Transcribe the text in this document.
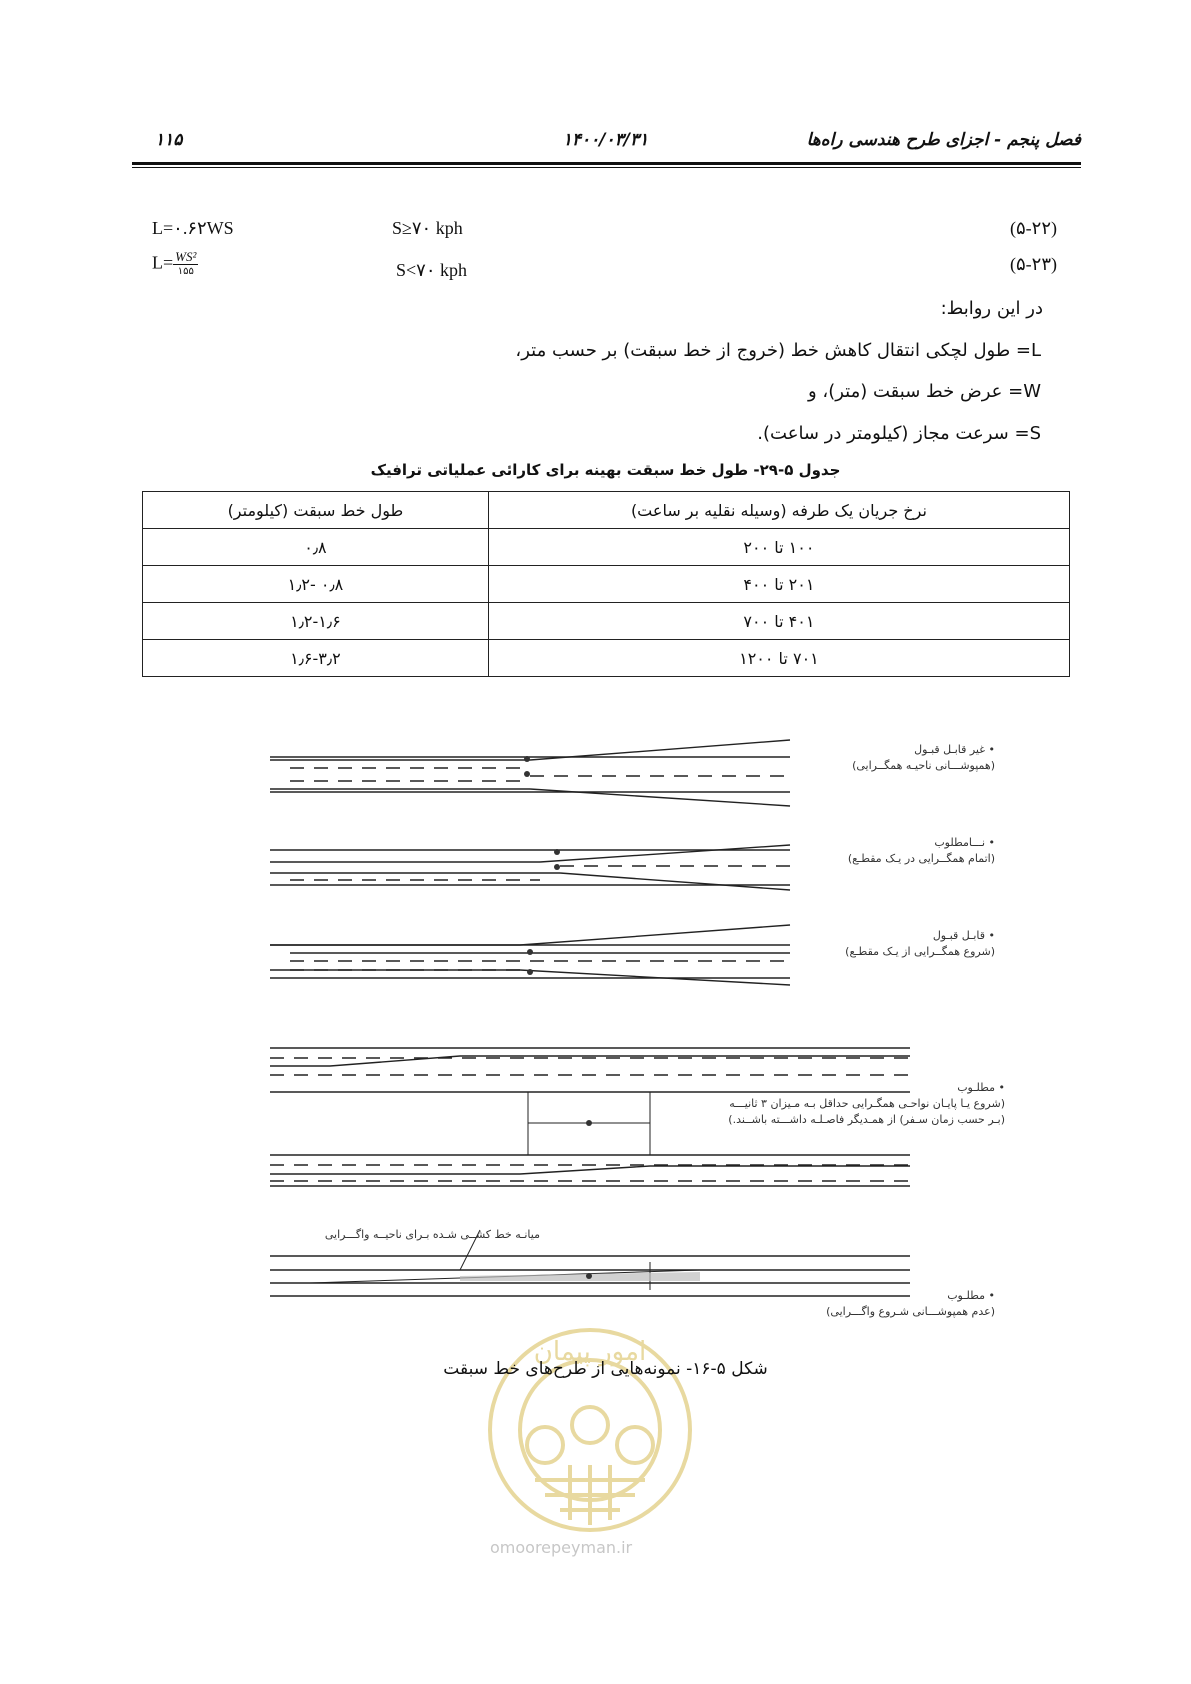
۱۱۵	۱۴۰۰/۰۳/۳۱	فصل پنجم - اجزای طرح هندسی راه‌ها
L=۰.۶۲WS	S≥۷۰ kph	(۵-۲۲)
$L= \frac{\text{WS²}}{۱۵۵}$	S<۷۰ kph	(۵-۲۳)
در این روابط:
L= طول لچکی انتقال کاهش خط (خروج از خط سبقت) بر حسب متر،
W= عرض خط سبقت (متر)، و
S= سرعت مجاز (کیلومتر در ساعت).
جدول ۵-۲۹- طول خط سبقت بهینه برای کارائی عملیاتی ترافیک
نرخ جریان یک طرفه (وسیله نقلیه بر ساعت)	طول خط سبقت (کیلومتر)
۱۰۰ تا ۲۰۰	۰٫۸
۲۰۱ تا ۴۰۰	۰٫۸ -۱٫۲
۴۰۱ تا ۷۰۰	۱٫۲-۱٫۶
۷۰۱ تا ۱۲۰۰	۱٫۶-۳٫۲
• غیر قابـل قبـول
(همپوشـــانی ناحیـه همگــرایی)
• نـــامطلوب
(اتمام همگــرایی در یـک مقطـع)
• قابـل قبـول
(شروع همگــرایی از یـک مقطـع)
• مطلـوب
(شروع یـا پایـان نواحـی همگـرایی حداقل بـه مـیزان ۳ ثانیـــه
(بـر حسب زمان سـفر) از همـدیگر فاصـلـه داشـــته باشــند.)
• مطلـوب
(عدم همپوشـــانی شـروع واگـــرایی)
میانـه خط کشــی شـده بـرای ناحیــه واگـــرایی
امور پیمان
omoorepeyman.ir
شکل ۵-۱۶- نمونه‌هایی از طرح‌های خط سبقت
